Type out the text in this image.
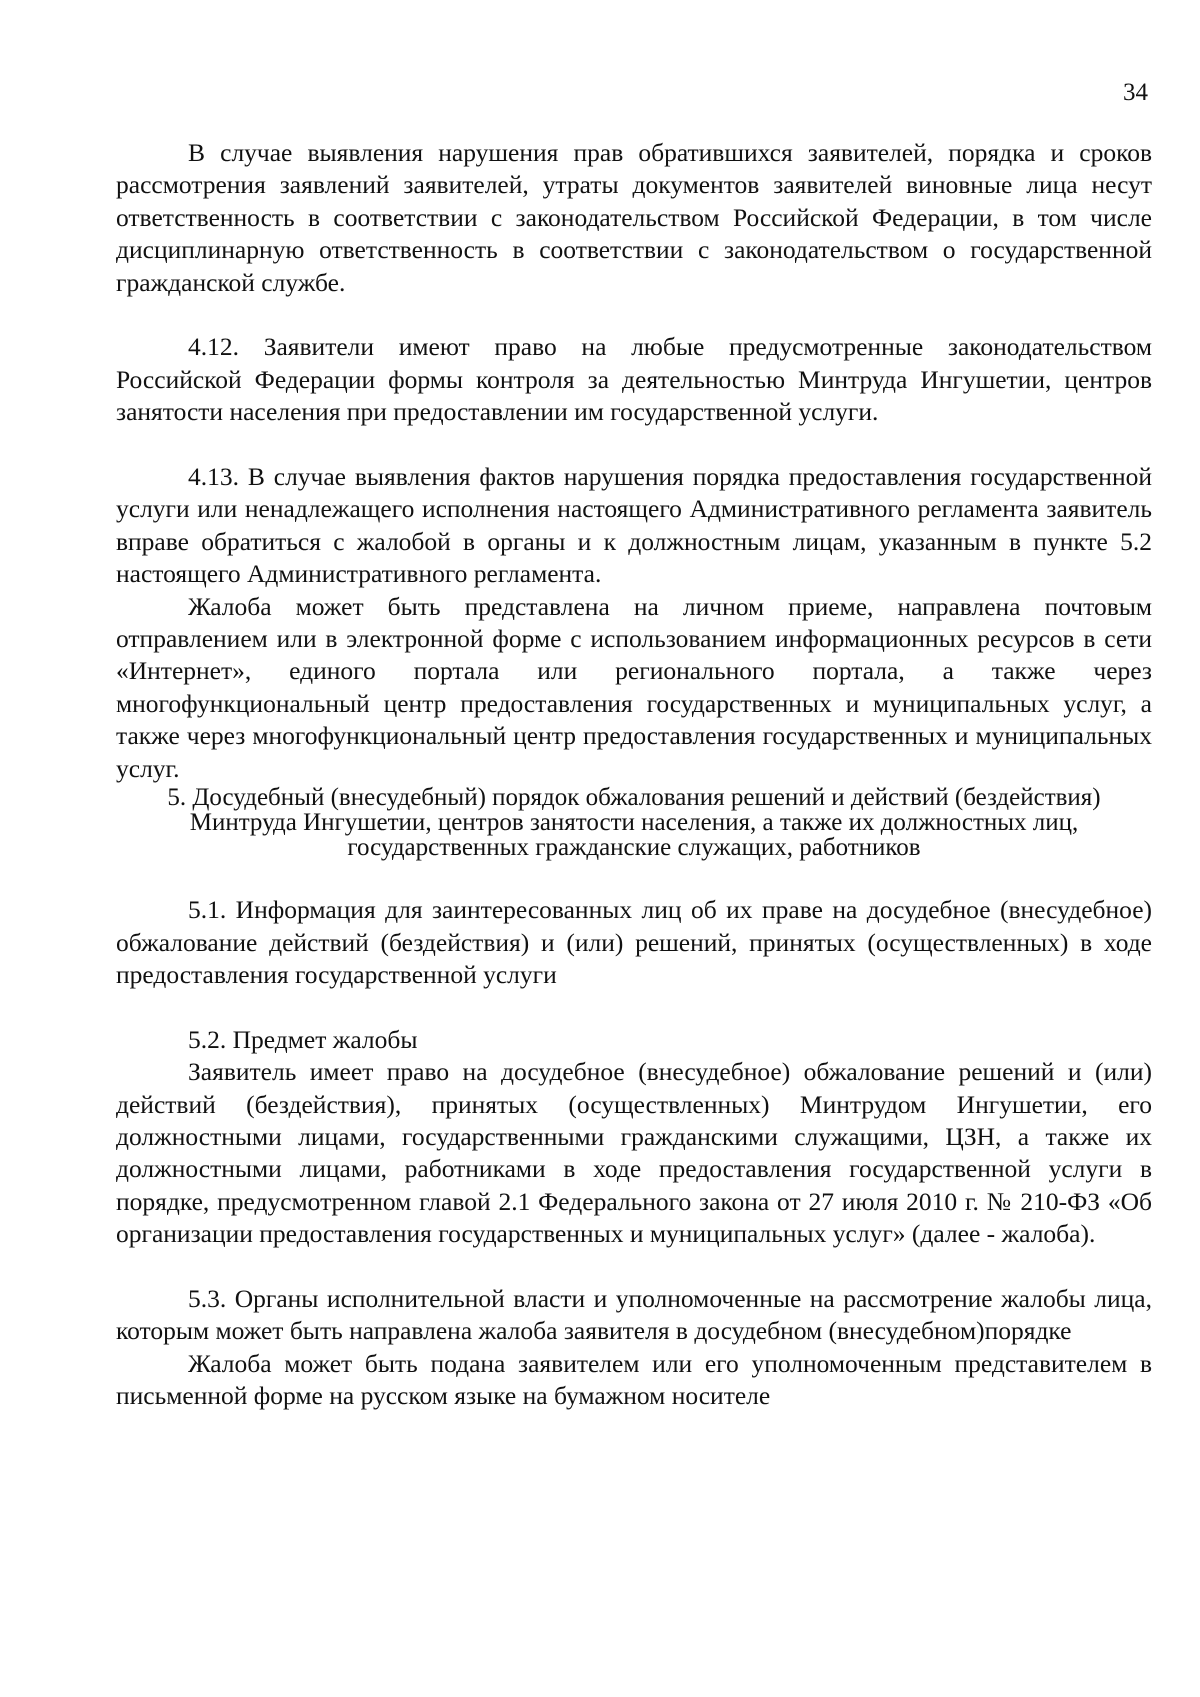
34

В случае выявления нарушения прав обратившихся заявителей, порядка и сроков рассмотрения заявлений заявителей, утраты документов заявителей виновные лица несут ответственность в соответствии с законодательством Российской Федерации, в том числе дисциплинарную ответственность в соответствии с законодательством о государственной гражданской службе.

4.12. Заявители имеют право на любые предусмотренные законодательством Российской Федерации формы контроля за деятельностью Минтруда Ингушетии, центров занятости населения при предоставлении им государственной услуги.

4.13. В случае выявления фактов нарушения порядка предоставления государственной услуги или ненадлежащего исполнения настоящего Административного регламента заявитель вправе обратиться с жалобой в органы и к должностным лицам, указанным в пункте 5.2 настоящего Административного регламента.

Жалоба может быть представлена на личном приеме, направлена почтовым отправлением или в электронной форме с использованием информационных ресурсов в сети «Интернет», единого портала или регионального портала, а также через многофункциональный центр предоставления государственных и муниципальных услуг, а также через многофункциональный центр предоставления государственных и муниципальных услуг.

5. Досудебный (внесудебный) порядок обжалования решений и действий (бездействия) Минтруда Ингушетии, центров занятости населения, а также их должностных лиц, государственных гражданские служащих, работников

5.1. Информация для заинтересованных лиц об их праве на досудебное (внесудебное) обжалование действий (бездействия) и (или) решений, принятых (осуществленных) в ходе предоставления государственной услуги

5.2. Предмет жалобы

Заявитель имеет право на досудебное (внесудебное) обжалование решений и (или) действий (бездействия), принятых (осуществленных) Минтрудом Ингушетии, его должностными лицами, государственными гражданскими служащими, ЦЗН, а также их должностными лицами, работниками в ходе предоставления государственной услуги в порядке, предусмотренном главой 2.1 Федерального закона от 27 июля 2010 г. № 210-ФЗ «Об организации предоставления государственных и муниципальных услуг» (далее - жалоба).

5.3. Органы исполнительной власти и уполномоченные на рассмотрение жалобы лица, которым может быть направлена жалоба заявителя в досудебном (внесудебном)порядке

Жалоба может быть подана заявителем или его уполномоченным представителем в письменной форме на русском языке на бумажном носителе
